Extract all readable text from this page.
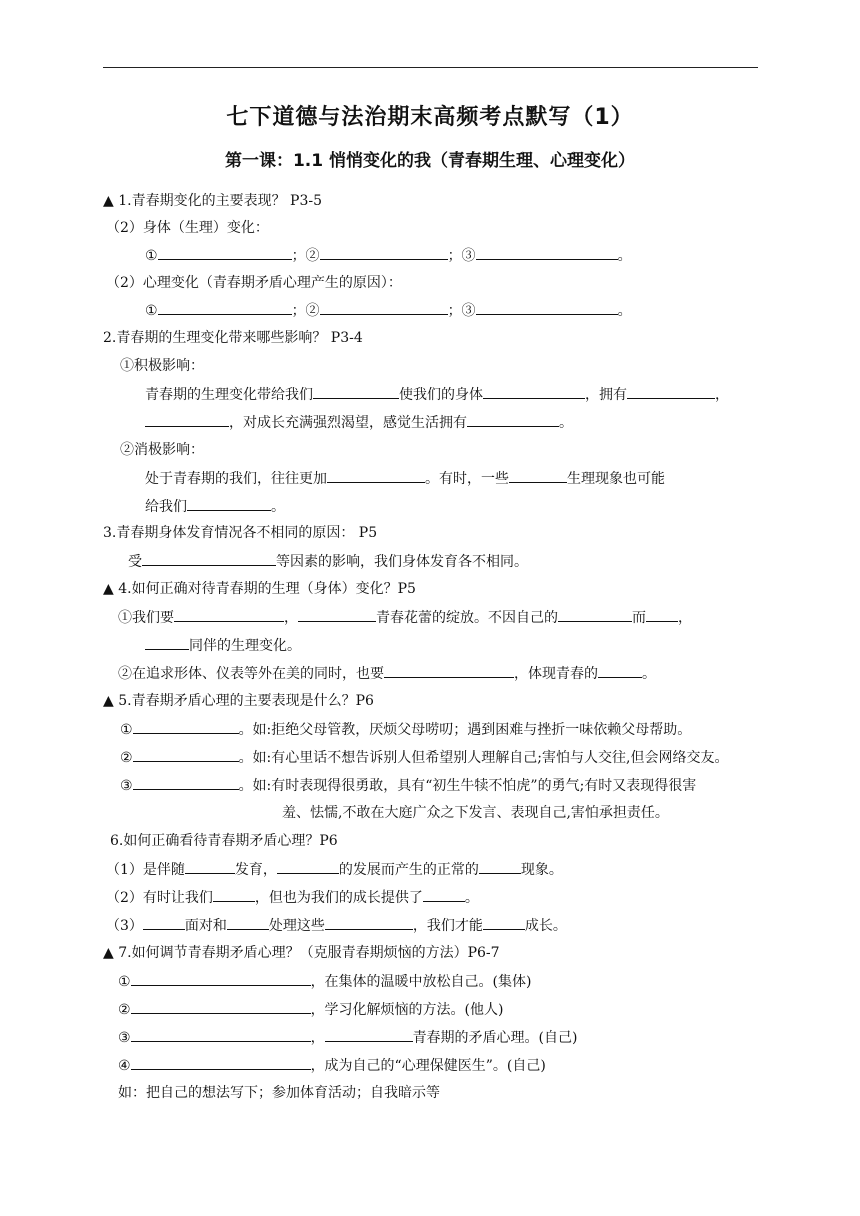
七下道德与法治期末高频考点默写（1）
第一课：1.1 悄悄变化的我（青春期生理、心理变化）
▲ 1.青春期变化的主要表现？ P3-5
（2）身体（生理）变化：
①	；②	；③	。
（2）心理变化（青春期矛盾心理产生的原因）：
①	；②	；③	。
2.青春期的生理变化带来哪些影响？ P3-4
①积极影响：
青春期的生理变化带给我们	使我们的身体	，拥有	，
，对成长充满强烈渴望，感觉生活拥有	。
②消极影响：
处于青春期的我们，往往更加	。有时，一些	生理现象也可能
给我们	。
3.青春期身体发育情况各不相同的原因： P5
受	等因素的影响，我们身体发育各不相同。
▲ 4.如何正确对待青春期的生理（身体）变化？P5
①我们要	，	青春花蕾的绽放。不因自己的	而 ，
同伴的生理变化。
②在追求形体、仪表等外在美的同时，也要	，体现青春的	。
▲ 5.青春期矛盾心理的主要表现是什么？P6
①	。如:拒绝父母管教，厌烦父母唠叨；遇到困难与挫折一味依赖父母帮助。
②	。如:有心里话不想告诉别人但希望别人理解自己;害怕与人交往,但会网络交友。
③	。如:有时表现得很勇敢，具有“初生牛犊不怕虎”的勇气;有时又表现得很害
羞、怯懦,不敢在大庭广众之下发言、表现自己,害怕承担责任。
6.如何正确看待青春期矛盾心理？P6
（1）是伴随	发育，	的发展而产生的正常的	现象。
（2）有时让我们	，但也为我们的成长提供了	。
（3）	面对和	处理这些	，我们才能	成长。
▲ 7.如何调节青春期矛盾心理？（克服青春期烦恼的方法）P6-7
①	，在集体的温暖中放松自己。(集体)
②	，学习化解烦恼的方法。(他人)
③	，	青春期的矛盾心理。(自己)
④	，成为自己的“心理保健医生”。(自己)
如：把自己的想法写下；参加体育活动；自我暗示等
